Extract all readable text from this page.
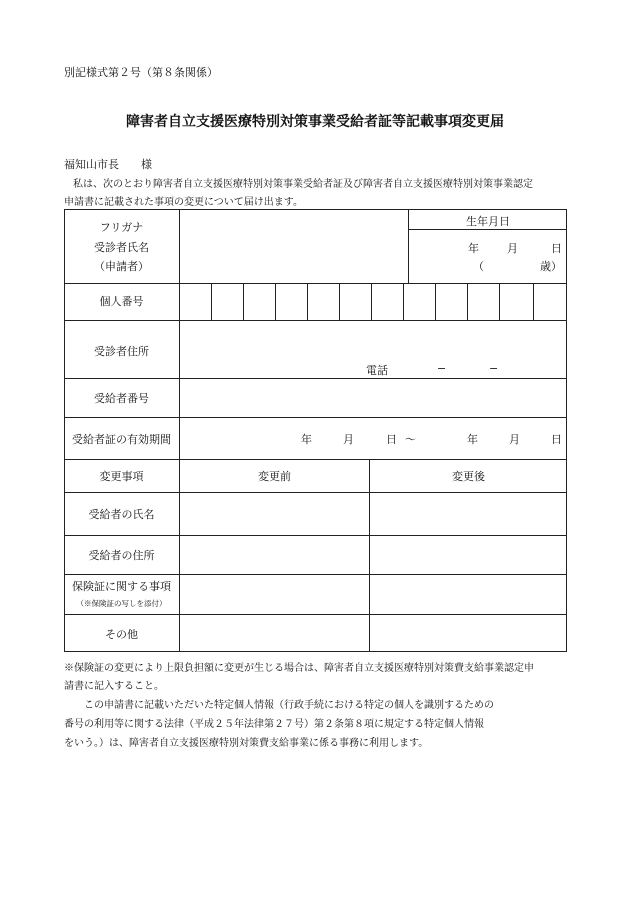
別記様式第２号（第８条関係）
障害者自立支援医療特別対策事業受給者証等記載事項変更届
福知山市長　　様
私は、次のとおり障害者自立支援医療特別対策事業受給者証及び障害者自立支援医療特別対策事業認定
申請書に記載された事項の変更について届け出ます。
フリガナ
受診者氏名
（申請者）
生年月日
年	月	日
（	歳）
個人番号
受診者住所
電話	−	−
受給者番号
受給者証の有効期間	年	月	日 〜	年	月	日
変更事項	変更前	変更後
受給者の氏名
受給者の住所
保険証に関する事項
（※保険証の写しを添付）
その他
※保険証の変更により上限負担額に変更が生じる場合は、障害者自立支援医療特別対策費支給事業認定申
請書に記入すること。
この申請書に記載いただいた特定個人情報（行政手続における特定の個人を識別するための
番号の利用等に関する法律（平成２５年法律第２７号）第２条第８項に規定する特定個人情報
をいう。）は、障害者自立支援医療特別対策費支給事業に係る事務に利用します。
